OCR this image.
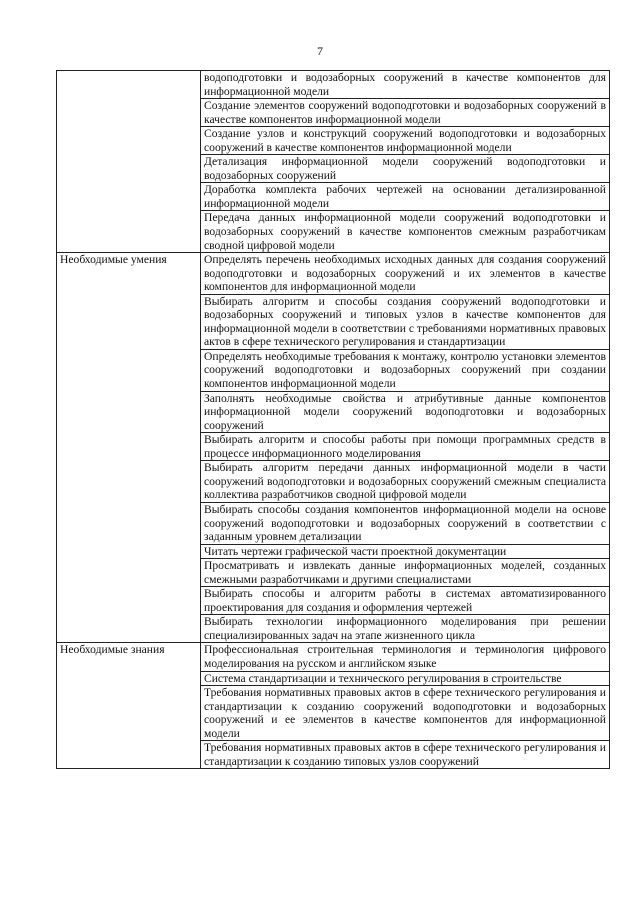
7
	водоподготовки и водозаборных сооружений в качестве компонентов для информационной модели
	Создание элементов сооружений водоподготовки и водозаборных сооружений в качестве компонентов информационной модели
	Создание узлов и конструкций сооружений водоподготовки и водозаборных сооружений в качестве компонентов информационной модели
	Детализация информационной модели сооружений водоподготовки и водозаборных сооружений
	Доработка комплекта рабочих чертежей на основании детализированной информационной модели
	Передача данных информационной модели сооружений водоподготовки и водозаборных сооружений в качестве компонентов смежным разработчикам сводной цифровой модели
Необходимые умения	Определять перечень необходимых исходных данных для создания сооружений водоподготовки и водозаборных сооружений и их элементов в качестве компонентов для информационной модели
	Выбирать алгоритм и способы создания сооружений водоподготовки и водозаборных сооружений и типовых узлов в качестве компонентов для информационной модели в соответствии с требованиями нормативных правовых актов в сфере технического регулирования и стандартизации
	Определять необходимые требования к монтажу, контролю установки элементов сооружений водоподготовки и водозаборных сооружений при создании компонентов информационной модели
	Заполнять необходимые свойства и атрибутивные данные компонентов информационной модели сооружений водоподготовки и водозаборных сооружений
	Выбирать алгоритм и способы работы при помощи программных средств в процессе информационного моделирования
	Выбирать алгоритм передачи данных информационной модели в части сооружений водоподготовки и водозаборных сооружений смежным специалиста коллектива разработчиков сводной цифровой модели
	Выбирать способы создания компонентов информационной модели на основе сооружений водоподготовки и водозаборных сооружений в соответствии с заданным уровнем детализации
	Читать чертежи графической части проектной документации
	Просматривать и извлекать данные информационных моделей, созданных смежными разработчиками и другими специалистами
	Выбирать способы и алгоритм работы в системах автоматизированного проектирования для создания и оформления чертежей
	Выбирать технологии информационного моделирования при решении специализированных задач на этапе жизненного цикла
Необходимые знания	Профессиональная строительная терминология и терминология цифрового моделирования на русском и английском языке
	Система стандартизации и технического регулирования в строительстве
	Требования нормативных правовых актов в сфере технического регулирования и стандартизации к созданию сооружений водоподготовки и водозаборных сооружений и ее элементов в качестве компонентов для информационной модели
	Требования нормативных правовых актов в сфере технического регулирования и стандартизации к созданию типовых узлов сооружений
